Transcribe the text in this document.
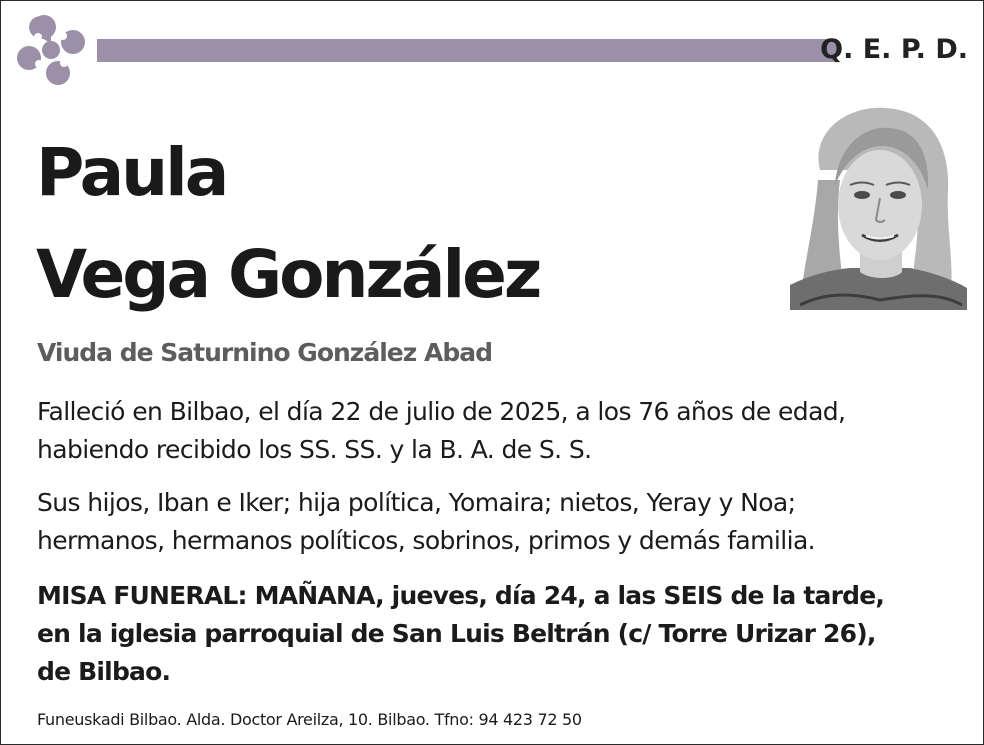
Q. E. P. D.
Paula
Vega González
Viuda de Saturnino González Abad
Falleció en Bilbao, el día 22 de julio de 2025, a los 76 años de edad,
habiendo recibido los SS. SS. y la B. A. de S. S.
Sus hijos, Iban e Iker; hija política, Yomaira; nietos, Yeray y Noa;
hermanos, hermanos políticos, sobrinos, primos y demás familia.
MISA FUNERAL: MAÑANA, jueves, día 24, a las SEIS de la tarde,
en la iglesia parroquial de San Luis Beltrán (c/ Torre Urizar 26),
de Bilbao.
Funeuskadi Bilbao. Alda. Doctor Areilza, 10. Bilbao. Tfno: 94 423 72 50
